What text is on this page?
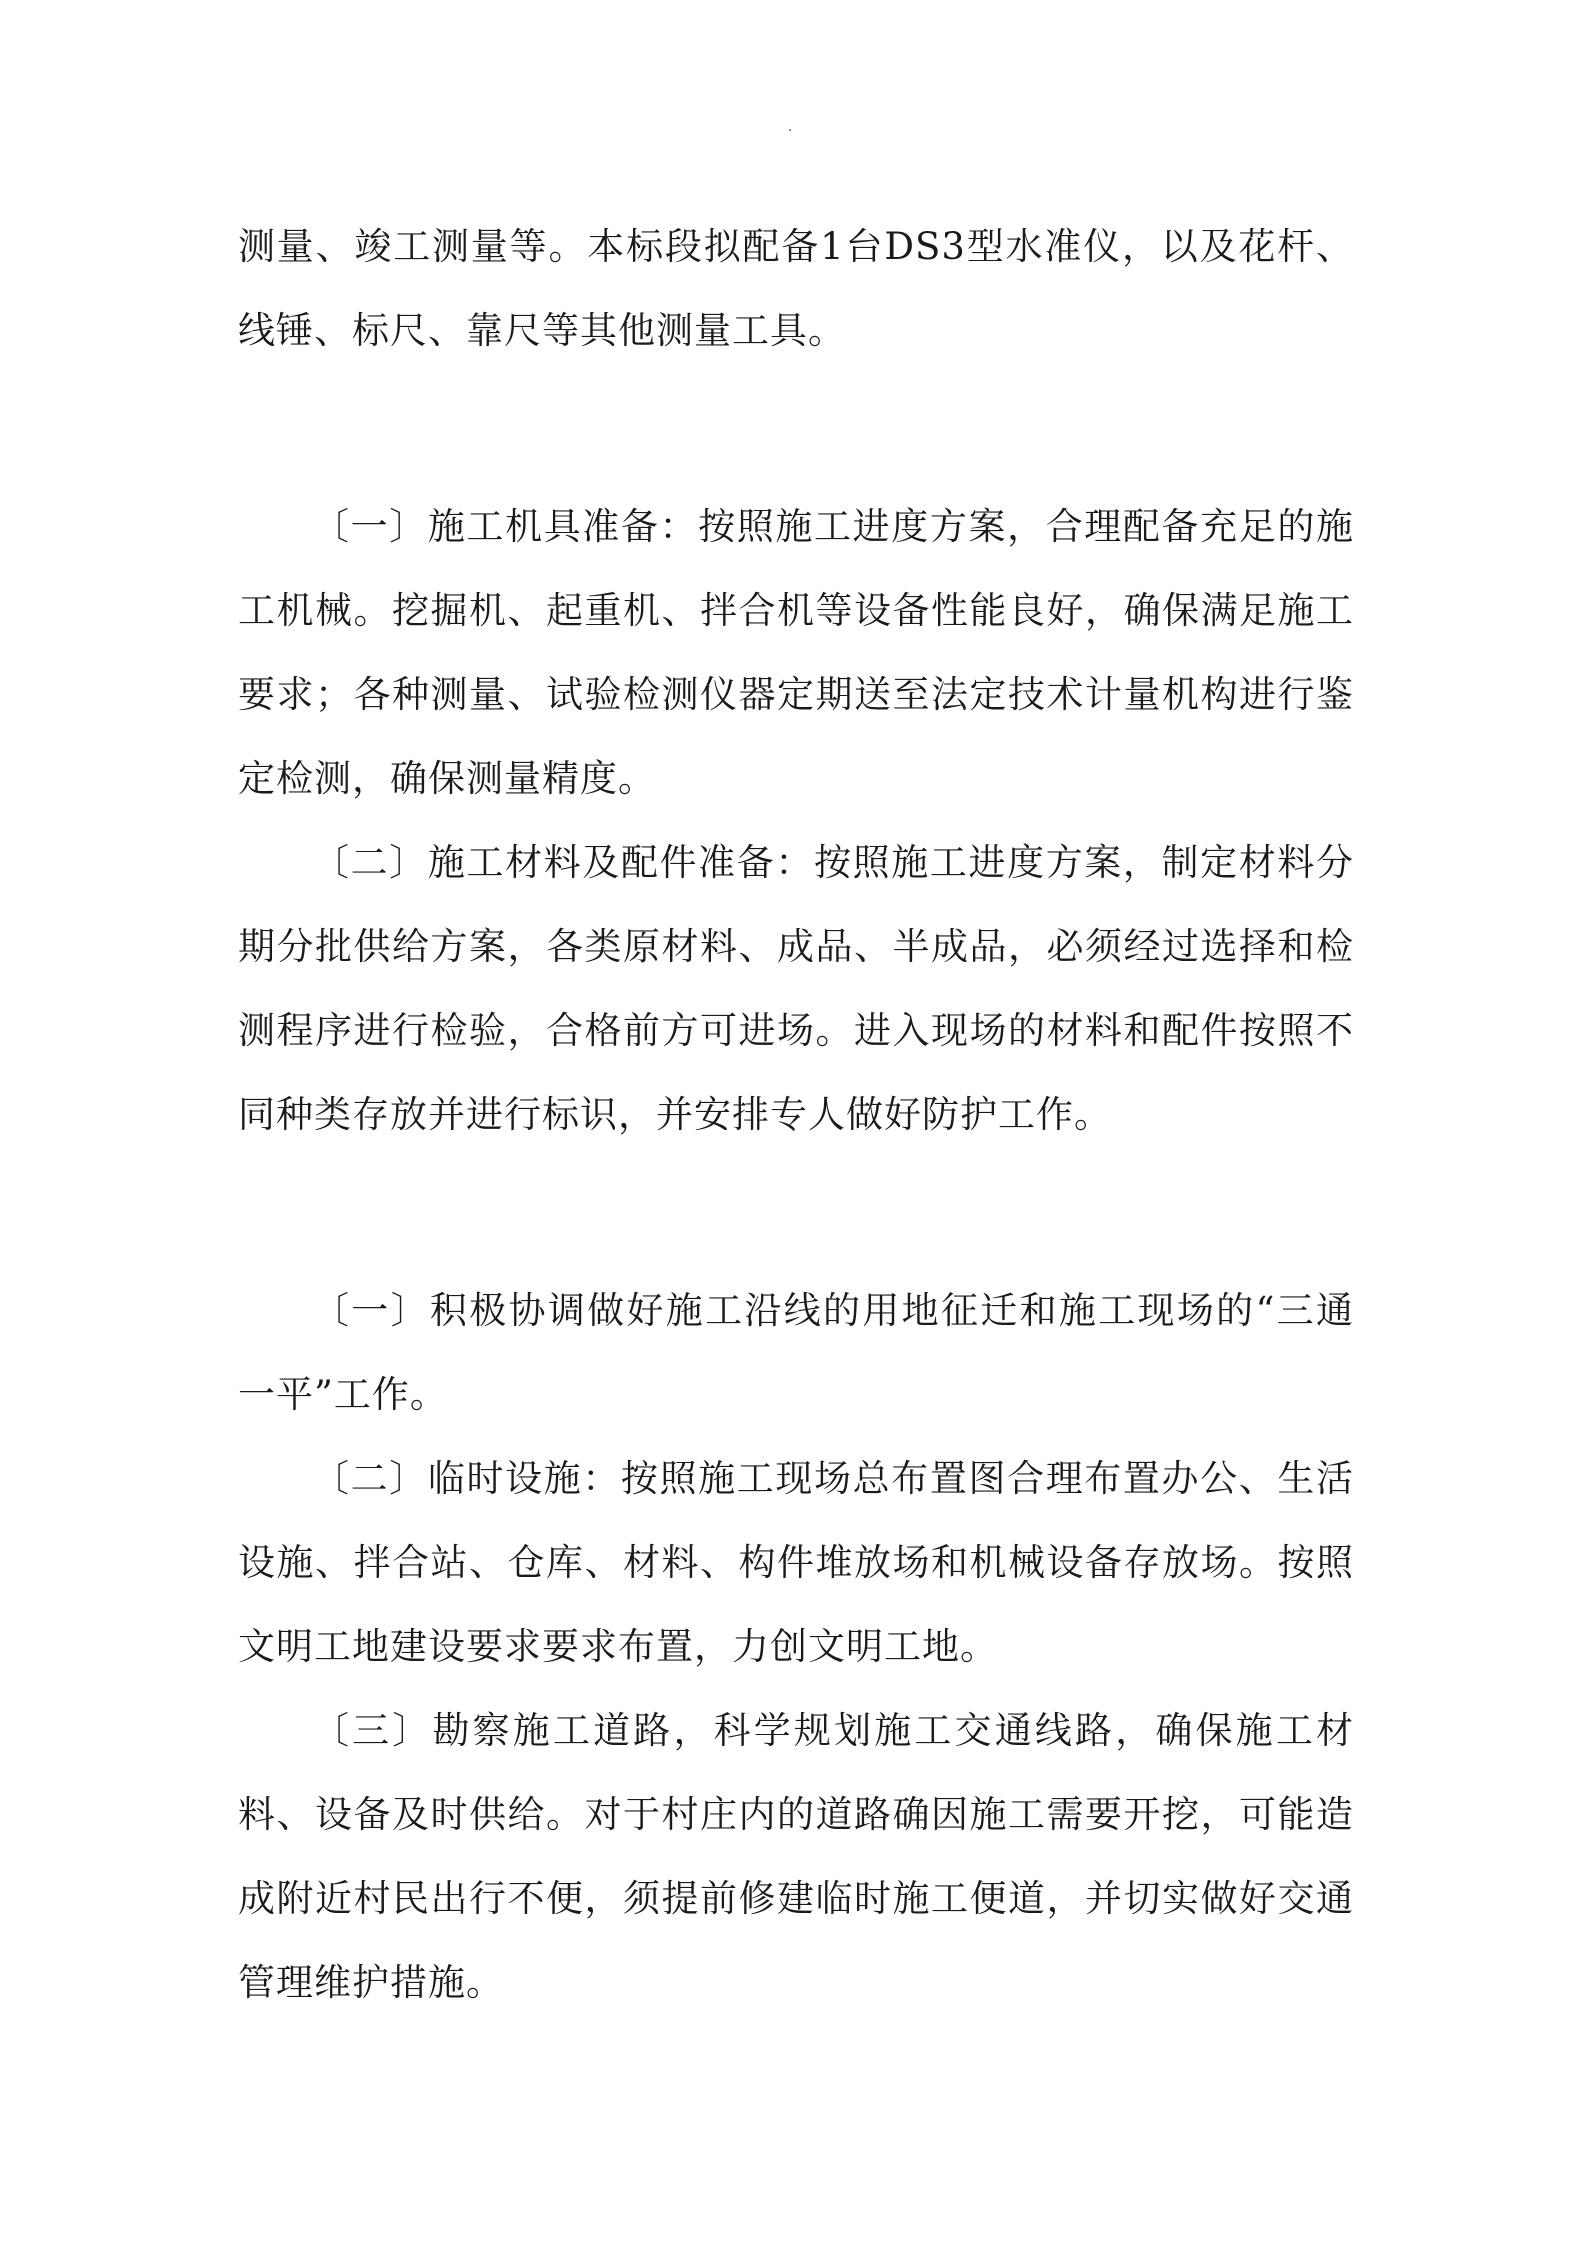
.

测量、竣工测量等。本标段拟配备1台DS3型水准仪，以及花杆、线锤、标尺、靠尺等其他测量工具。

〔一〕施工机具准备：按照施工进度方案，合理配备充足的施工机械。挖掘机、起重机、拌合机等设备性能良好，确保满足施工要求；各种测量、试验检测仪器定期送至法定技术计量机构进行鉴定检测，确保测量精度。

〔二〕施工材料及配件准备：按照施工进度方案，制定材料分期分批供给方案，各类原材料、成品、半成品，必须经过选择和检测程序进行检验，合格前方可进场。进入现场的材料和配件按照不同种类存放并进行标识，并安排专人做好防护工作。

〔一〕积极协调做好施工沿线的用地征迁和施工现场的“三通一平”工作。

〔二〕临时设施：按照施工现场总布置图合理布置办公、生活设施、拌合站、仓库、材料、构件堆放场和机械设备存放场。按照文明工地建设要求要求布置，力创文明工地。

〔三〕勘察施工道路，科学规划施工交通线路，确保施工材料、设备及时供给。对于村庄内的道路确因施工需要开挖，可能造成附近村民出行不便，须提前修建临时施工便道，并切实做好交通管理维护措施。
